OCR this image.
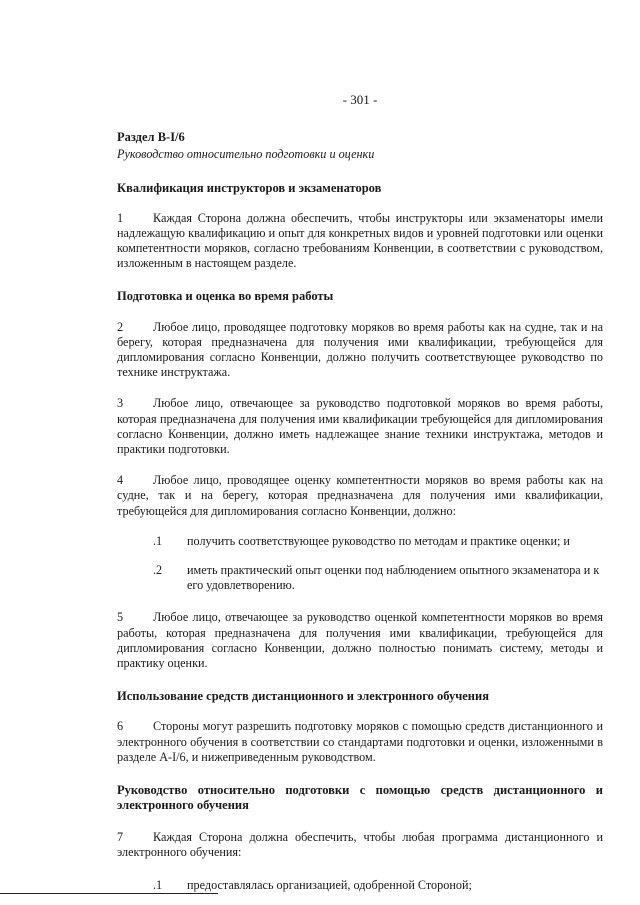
- 301 -
Раздел B-I/6
Руководство относительно подготовки и оценки
Квалификация инструкторов и экзаменаторов

1 Каждая Сторона должна обеспечить, чтобы инструкторы или экзаменаторы имели надлежащую квалификацию и опыт для конкретных видов и уровней подготовки или оценки компетентности моряков, согласно требованиям Конвенции, в соответствии с руководством, изложенным в настоящем разделе.

Подготовка и оценка во время работы

2 Любое лицо, проводящее подготовку моряков во время работы как на судне, так и на берегу, которая предназначена для получения ими квалификации, требующейся для дипломирования согласно Конвенции, должно получить соответствующее руководство по технике инструктажа.

3 Любое лицо, отвечающее за руководство подготовкой моряков во время работы, которая предназначена для получения ими квалификации требующейся для дипломирования согласно Конвенции, должно иметь надлежащее знание техники инструктажа, методов и практики подготовки.

4 Любое лицо, проводящее оценку компетентности моряков во время работы как на судне, так и на берегу, которая предназначена для получения ими квалификации, требующейся для дипломирования согласно Конвенции, должно:

.1	получить соответствующее руководство по методам и практике оценки; и
.2	иметь практический опыт оценки под наблюдением опытного экзаменатора и к его удовлетворению.

5 Любое лицо, отвечающее за руководство оценкой компетентности моряков во время работы, которая предназначена для получения ими квалификации, требующейся для дипломирования согласно Конвенции, должно полностью понимать систему, методы и практику оценки.

Использование средств дистанционного и электронного обучения

6 Стороны могут разрешить подготовку моряков с помощью средств дистанционного и электронного обучения в соответствии со стандартами подготовки и оценки, изложенными в разделе A-I/6, и нижеприведенным руководством.

Руководство относительно подготовки с помощью средств дистанционного и электронного обучения

7 Каждая Сторона должна обеспечить, чтобы любая программа дистанционного и электронного обучения:

.1	предоставлялась организацией, одобренной Стороной;
